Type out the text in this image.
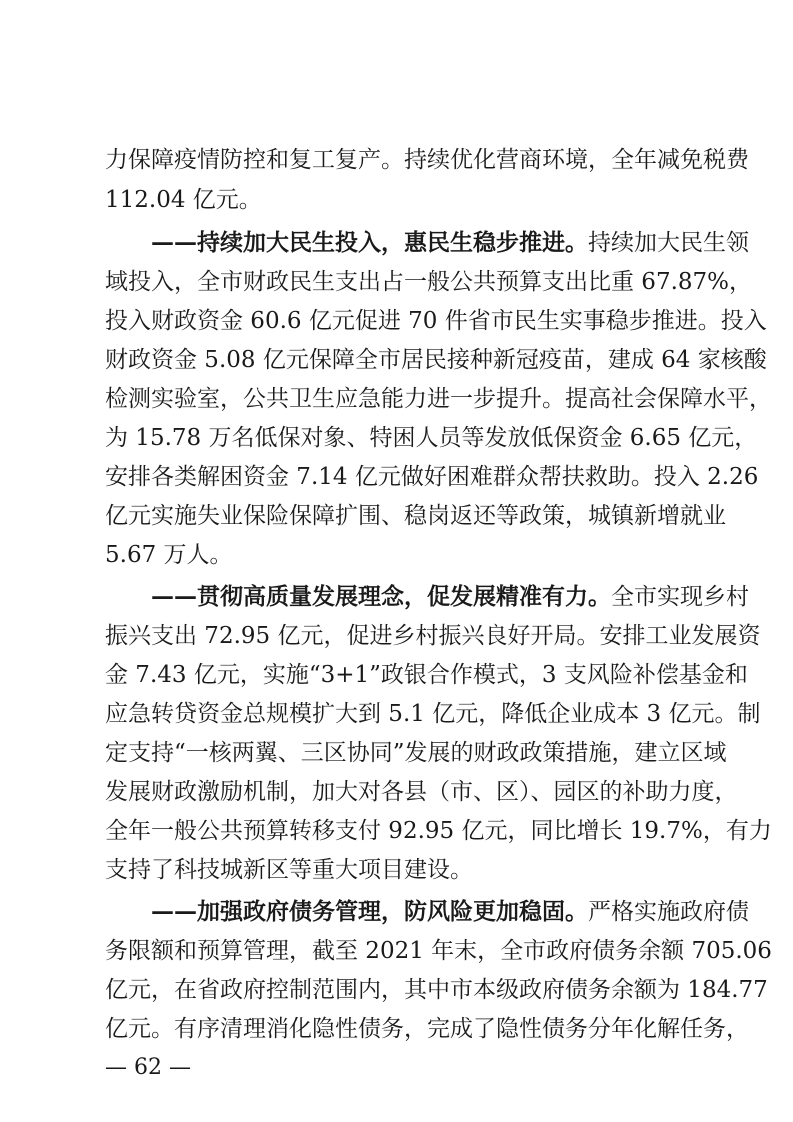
力保障疫情防控和复工复产。持续优化营商环境，全年减免税费
112.04 亿元。
——持续加大民生投入，惠民生稳步推进。持续加大民生领
域投入，全市财政民生支出占一般公共预算支出比重 67.87%，
投入财政资金 60.6 亿元促进 70 件省市民生实事稳步推进。投入
财政资金 5.08 亿元保障全市居民接种新冠疫苗，建成 64 家核酸
检测实验室，公共卫生应急能力进一步提升。提高社会保障水平，
为 15.78 万名低保对象、特困人员等发放低保资金 6.65 亿元，
安排各类解困资金 7.14 亿元做好困难群众帮扶救助。投入 2.26
亿元实施失业保险保障扩围、稳岗返还等政策，城镇新增就业
5.67 万人。
——贯彻高质量发展理念，促发展精准有力。全市实现乡村
振兴支出 72.95 亿元，促进乡村振兴良好开局。安排工业发展资
金 7.43 亿元，实施“3+1”政银合作模式，3 支风险补偿基金和
应急转贷资金总规模扩大到 5.1 亿元，降低企业成本 3 亿元。制
定支持“一核两翼、三区协同”发展的财政政策措施，建立区域
发展财政激励机制，加大对各县（市、区）、园区的补助力度，
全年一般公共预算转移支付 92.95 亿元，同比增长 19.7%，有力
支持了科技城新区等重大项目建设。
——加强政府债务管理，防风险更加稳固。严格实施政府债
务限额和预算管理，截至 2021 年末，全市政府债务余额 705.06
亿元，在省政府控制范围内，其中市本级政府债务余额为 184.77
亿元。有序清理消化隐性债务，完成了隐性债务分年化解任务，
— 62 —
